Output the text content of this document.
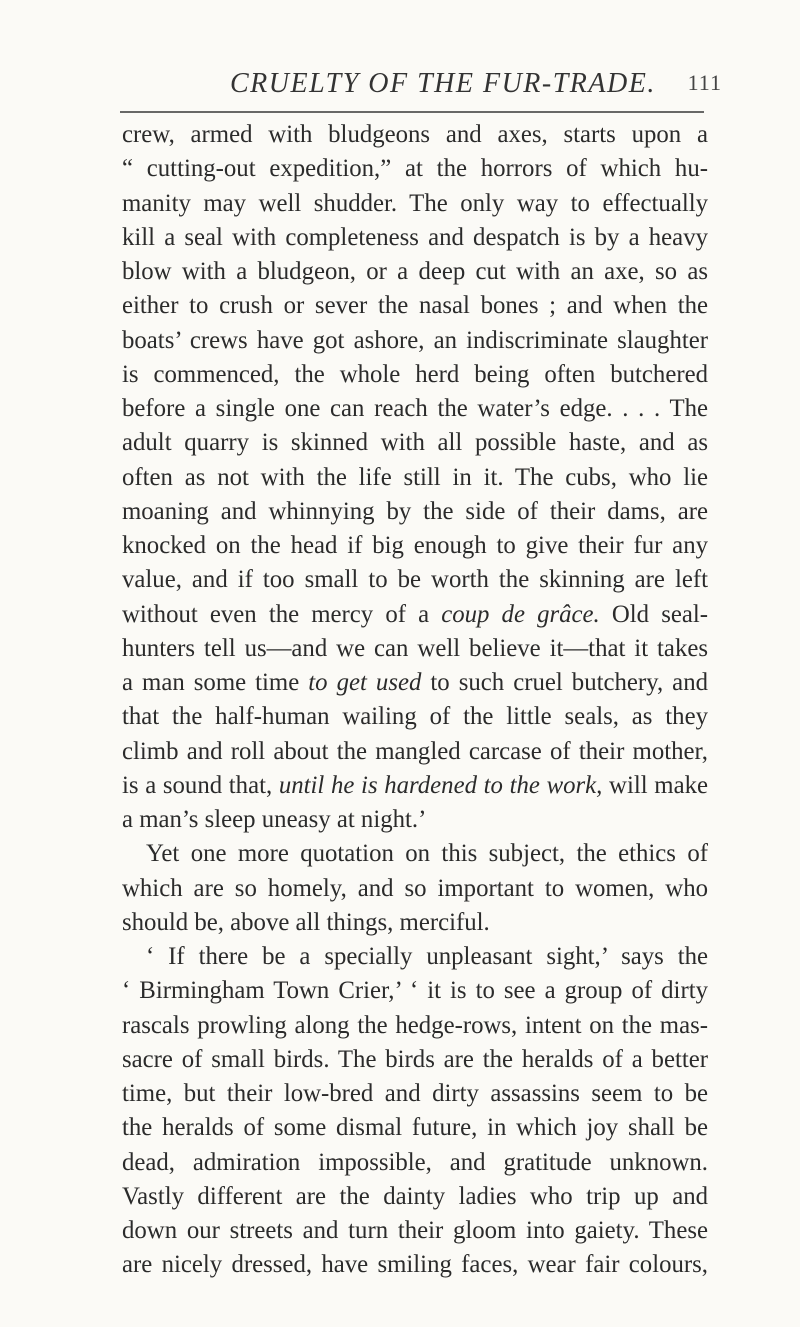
CRUELTY OF THE FUR-TRADE. 111
crew, armed with bludgeons and axes, starts upon a
“ cutting-out expedition,” at the horrors of which hu-
manity may well shudder. The only way to effectually
kill a seal with completeness and despatch is by a heavy
blow with a bludgeon, or a deep cut with an axe, so as
either to crush or sever the nasal bones ; and when the
boats’ crews have got ashore, an indiscriminate slaughter
is commenced, the whole herd being often butchered
before a single one can reach the water’s edge. . . . The
adult quarry is skinned with all possible haste, and as
often as not with the life still in it. The cubs, who lie
moaning and whinnying by the side of their dams, are
knocked on the head if big enough to give their fur any
value, and if too small to be worth the skinning are left
without even the mercy of a coup de grâce. Old seal-
hunters tell us—and we can well believe it—that it takes
a man some time to get used to such cruel butchery, and
that the half-human wailing of the little seals, as they
climb and roll about the mangled carcase of their mother,
is a sound that, until he is hardened to the work, will make
a man’s sleep uneasy at night.’
Yet one more quotation on this subject, the ethics of
which are so homely, and so important to women, who
should be, above all things, merciful.
‘ If there be a specially unpleasant sight,’ says the
‘ Birmingham Town Crier,’ ‘ it is to see a group of dirty
rascals prowling along the hedge-rows, intent on the mas-
sacre of small birds. The birds are the heralds of a better
time, but their low-bred and dirty assassins seem to be
the heralds of some dismal future, in which joy shall be
dead, admiration impossible, and gratitude unknown.
Vastly different are the dainty ladies who trip up and
down our streets and turn their gloom into gaiety. These
are nicely dressed, have smiling faces, wear fair colours,
